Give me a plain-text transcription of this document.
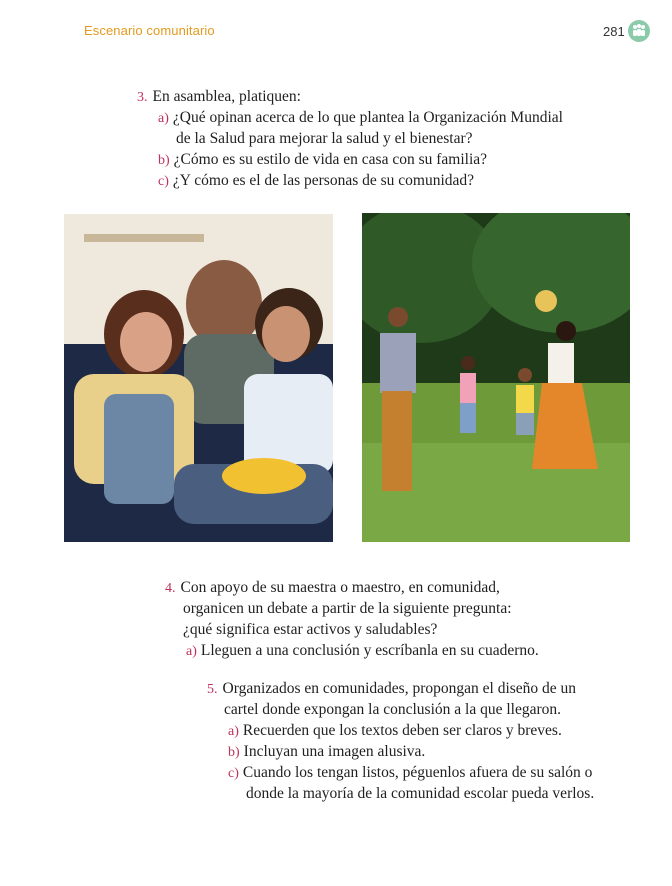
Escenario comunitario	281
3. En asamblea, platiquen:
a) ¿Qué opinan acerca de lo que plantea la Organización Mundial
de la Salud para mejorar la salud y el bienestar?
b) ¿Cómo es su estilo de vida en casa con su familia?
c) ¿Y cómo es el de las personas de su comunidad?
4. Con apoyo de su maestra o maestro, en comunidad,
organicen un debate a partir de la siguiente pregunta:
¿qué significa estar activos y saludables?
a) Lleguen a una conclusión y escríbanla en su cuaderno.
5. Organizados en comunidades, propongan el diseño de un
cartel donde expongan la conclusión a la que llegaron.
a) Recuerden que los textos deben ser claros y breves.
b) Incluyan una imagen alusiva.
c) Cuando los tengan listos, péguenlos afuera de su salón o
donde la mayoría de la comunidad escolar pueda verlos.
